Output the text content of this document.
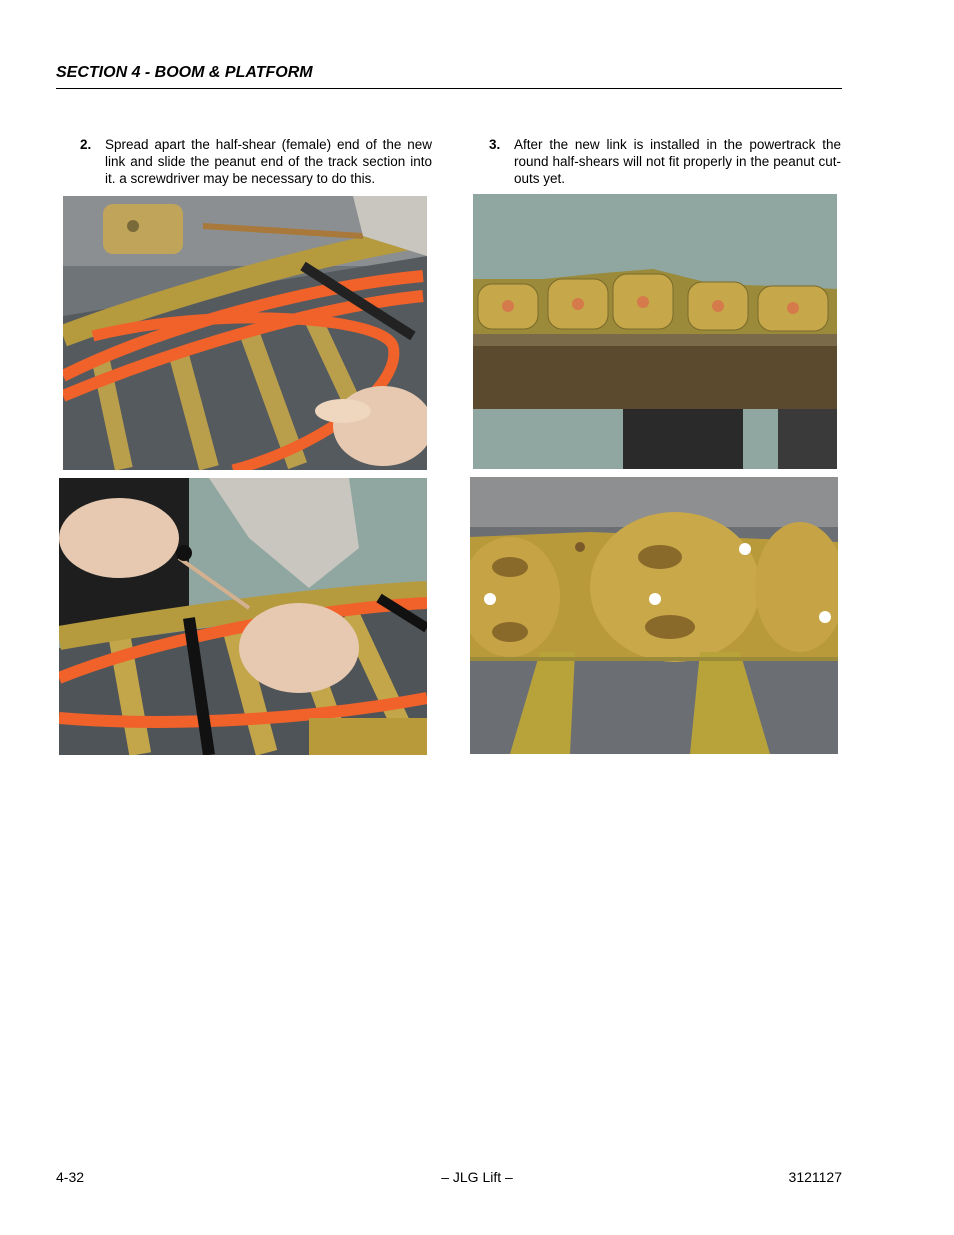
SECTION 4 - BOOM & PLATFORM
2. Spread apart the half-shear (female) end of the new link and slide the peanut end of the track section into it. a screwdriver may be necessary to do this.
3. After the new link is installed in the powertrack the round half-shears will not fit properly in the peanut cut-outs yet.
4-32	– JLG Lift –	3121127
